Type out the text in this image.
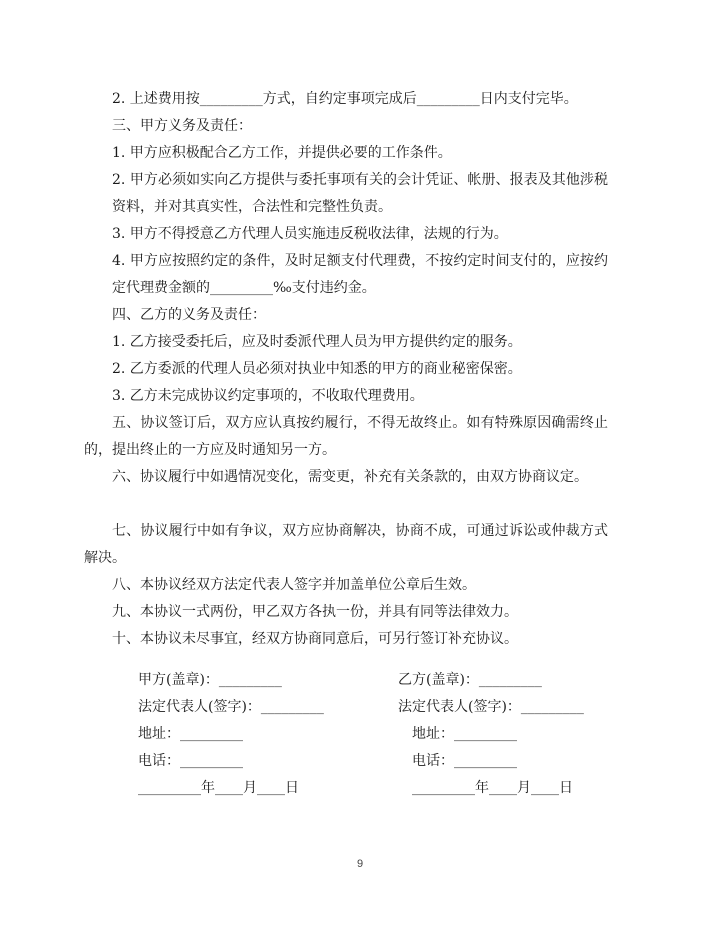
2. 上述费用按_________方式，自约定事项完成后_________日内支付完毕。
三、甲方义务及责任：
1. 甲方应积极配合乙方工作，并提供必要的工作条件。
2. 甲方必须如实向乙方提供与委托事项有关的会计凭证、帐册、报表及其他涉税资料，并对其真实性，合法性和完整性负责。
3. 甲方不得授意乙方代理人员实施违反税收法律，法规的行为。
4. 甲方应按照约定的条件，及时足额支付代理费，不按约定时间支付的，应按约定代理费金额的_________‰支付违约金。
四、乙方的义务及责任：
1. 乙方接受委托后，应及时委派代理人员为甲方提供约定的服务。
2. 乙方委派的代理人员必须对执业中知悉的甲方的商业秘密保密。
3. 乙方未完成协议约定事项的，不收取代理费用。
五、协议签订后，双方应认真按约履行，不得无故终止。如有特殊原因确需终止的，提出终止的一方应及时通知另一方。
六、协议履行中如遇情况变化，需变更，补充有关条款的，由双方协商议定。
七、协议履行中如有争议，双方应协商解决，协商不成，可通过诉讼或仲裁方式解决。
八、本协议经双方法定代表人签字并加盖单位公章后生效。
九、本协议一式两份，甲乙双方各执一份，并具有同等法律效力。
十、本协议未尽事宜，经双方协商同意后，可另行签订补充协议。
甲方(盖章)：_________	乙方(盖章)：_________
法定代表人(签字)：_________	法定代表人(签字)：_________
地址：_________	地址：_________
电话：_________	电话：_________
_________年____月____日	_________年____月____日
9
